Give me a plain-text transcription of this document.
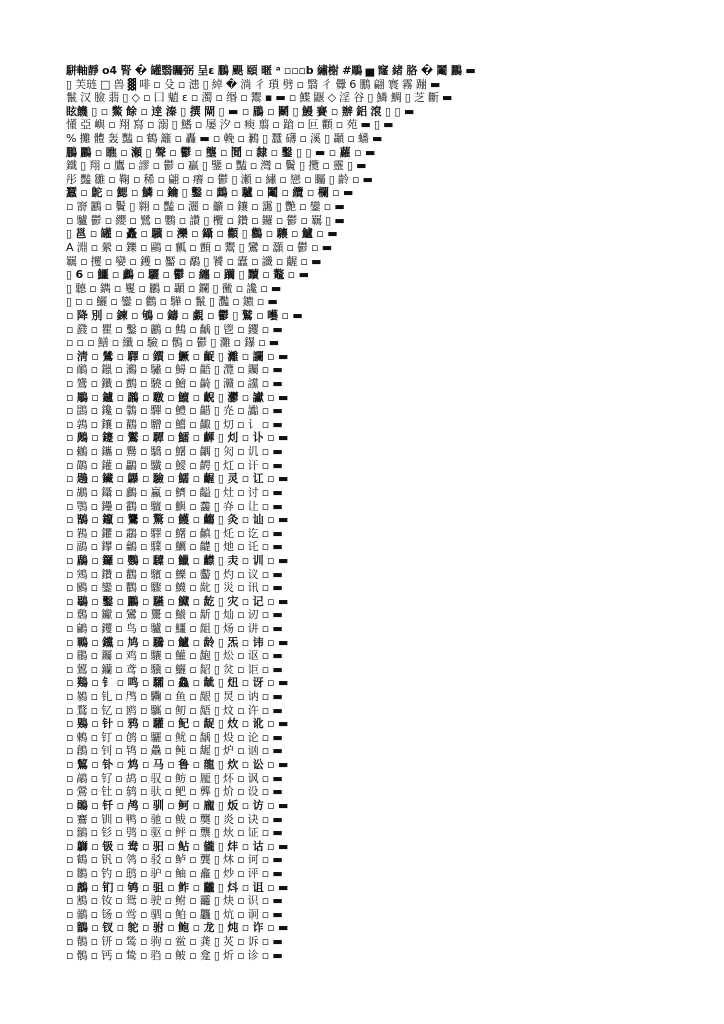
駢軸靜 o4 腎 � 罐翳矚弼 呈ɛ 鵬 颶 頤 暱 ᵃ ▫▫▫b 繡榭 #鵰 ▅ 窿 緒 胳 � 鬮 鸝 ▬
▯ 芙琏 □ 兽 ▓ 啡 ▫ 殳 ▫ 漶 ▯ 綽 � 淌 彳 瑣 劈 ▫ 翳 彳 釁 6 鵬 翩 寰 霧 蹦 ▬
鬣 汉 臉 翡 ▯ ◇ ▫ 囗 魈 ɛ ▫ 濁 ▫ 缗 ▫ 鬻 ▪ ▬ ▫ 鰈 鼴 ◇ 淫 谷 ▯ 鱗 鯛 ▯ 芝 斷 ▬
眩饑 ▯ ▫ 鱉 餘 ▫ 逹 溱 ▯ 撰 閘 ▯ ▬ ▫ 鶥 ▫ 鬭 ▯ 鰻 賽 ▫ 辦 鋁 滾 ▯ ▯ ▬
懂 亞 嶼 ▫ 翔 寫 ▫ 溺 ▯ 鰭 ▫ 屡 汐 ▫ 瘐 翦 ▫ 蹌 ▫ 叵 顴 ▫ 苑 ▬ ▯ ▬
% 攤 體 轰 豔 ▫ 鶴 籬 ▫ 轟 ▬ ▫ 輓 ▫ 鶼 ▯ 蠶 礴 ▫ 溪 ▯ 顳 ▫ 蟠 ▬
鵬 鸝 ▫ 瞧 ▫ 瀬 ▯ 聲 ▫ 鬱 ▫ 壟 ▫ 鬩 ▫ 隸 ▫ 鑿 ▯ ▯ ▬ ▫ 蘿 ▫ ▬
鐵 ▯ 翔 ▫ 鷹 ▫ 謬 ▫ 鬱 ▫ 贏 ▯ 鑒 ▫ 豔 ▫ 灣 ▫ 鬢 ▯ 攬 ▫ 靈 ▯ ▬
彤 豔 雛 ▫ 鞠 ▫ 稀 ▫ 翩 ▫ 癢 ▫ 鬱 ▯ 瀬 ▫ 繡 ▫ 戀 ▫ 矚 ▯ 齡 ▫ ▬
蠶 ▫ 鴕 ▫ 鰓 ▫ 鱗 ▫ 鑰 ▯ 鑿 ▫ 鷓 ▫ 驢 ▫ 鬮 ▫ 纜 ▫ 欄 ▫ ▬
▫ 窬 鸝 ▫ 鬢 ▯ 翱 ▫ 豔 ▫ 灑 ▫ 籲 ▫ 鑲 ▫ 靄 ▯ 艷 ▫ 鑾 ▫ ▬
▫ 驢 鬱 ▫ 纓 ▫ 鷺 ▫ 鸚 ▫ 讚 ▯ 欖 ▫ 鑽 ▫ 鑼 ▫ 鬱 ▫ 羈 ▯ ▬
▯ 邕 ▫ 罐 ▫ 矗 ▫ 驥 ▫ 灤 ▫ 鑷 ▫ 顴 ▯ 鸛 ▫ 驤 ▫ 鱸 ▫ ▬
A 淵 ▫ 縈 ▫ 鑠 ▫ 鷗 ▫ 瓤 ▫ 顫 ▫ 鬻 ▯ 鸞 ▫ 灝 ▫ 鬱 ▫ ▬
羈 ▫ 攫 ▫ 孌 ▫ 鑊 ▫ 靨 ▫ 鷸 ▯ 饕 ▫ 蠹 ▫ 讖 ▫ 齷 ▫ ▬
▯ 6 ▫ 鱷 ▫ 鸕 ▫ 驪 ▫ 鬱 ▫ 纏 ▫ 躪 ▯ 黷 ▫ 鼇 ▫ ▬
▯ 聽 ▫ 鐫 ▫ 矍 ▫ 鸝 ▫ 顳 ▫ 鑭 ▯ 黴 ▫ 讒 ▫ ▬
▯ ▫ ▫ 鱺 ▫ 鑾 ▫ 鸛 ▫ 驊 ▫ 鬣 ▯ 灩 ▫ 鑣 ▫ ▬
▫ 降 別 ▫ 鍊 ▫ 鴝 ▫ 鑄 ▫ 覷 ▫ 鬱 ▯ 鷲 ▫ 囈 ▫ ▬
▫ 鼗 ▫ 瞿 ▫ 鑿 ▫ 鸝 ▫ 鷦 ▫ 齲 ▯ 鬯 ▫ 钁 ▫ ▬
▫ ▫ ▫ 鱔 ▫ 纖 ▫ 驗 ▫ 鶻 ▫ 鬱 ▯ 灘 ▫ 鑤 ▫ ▬
▫ 淸 ▫ 鷥 ▫ 驛 ▫ 鑕 ▫ 鱖 ▫ 齪 ▯ 灕 ▫ 讕 ▫ ▬
▫ 鴯 ▫ 鑞 ▫ 鸂 ▫ 驌 ▫ 鱘 ▫ 齬 ▯ 灠 ▫ 钃 ▫ ▬
▫ 鷟 ▫ 鑯 ▫ 鸇 ▫ 驍 ▫ 鱠 ▫ 齮 ▯ 灨 ▫ 讜 ▫ ▬
▫ 鵰 ▫ 鑪 ▫ 鸊 ▫ 驐 ▫ 鱣 ▫ 齯 ▯ 灪 ▫ 讞 ▫ ▬
▫ 鵾 ▫ 鑱 ▫ 鸏 ▫ 驒 ▫ 鱧 ▫ 齰 ▯ 灮 ▫ 讟 ▫ ▬
▫ 鶉 ▫ 鑲 ▫ 鸐 ▫ 驓 ▫ 鱨 ▫ 齱 ▯ 灱 ▫ 讠 ▫ ▬
▫ 鶊 ▫ 鑳 ▫ 鸑 ▫ 驔 ▫ 鱩 ▫ 齳 ▯ 灲 ▫ 讣 ▫ ▬
▫ 鶒 ▫ 鑴 ▫ 鸒 ▫ 驕 ▫ 鱪 ▫ 齵 ▯ 灳 ▫ 讥 ▫ ▬
▫ 鶓 ▫ 鑵 ▫ 鸓 ▫ 驖 ▫ 鱫 ▫ 齶 ▯ 灴 ▫ 讦 ▫ ▬
▫ 鶗 ▫ 鑶 ▫ 鸔 ▫ 驗 ▫ 鱬 ▫ 齷 ▯ 灵 ▫ 讧 ▫ ▬
▫ 鶘 ▫ 鑷 ▫ 鸕 ▫ 驘 ▫ 鱭 ▫ 齸 ▯ 灶 ▫ 讨 ▫ ▬
▫ 鶚 ▫ 鑸 ▫ 鸖 ▫ 驙 ▫ 鱮 ▫ 齹 ▯ 灷 ▫ 让 ▫ ▬
▫ 鶛 ▫ 鑹 ▫ 鸗 ▫ 驚 ▫ 鱯 ▫ 齺 ▯ 灸 ▫ 讪 ▫ ▬
▫ 鶜 ▫ 鑺 ▫ 鸘 ▫ 驛 ▫ 鱰 ▫ 齻 ▯ 灹 ▫ 讫 ▫ ▬
▫ 鶝 ▫ 鑻 ▫ 鸙 ▫ 驜 ▫ 鱱 ▫ 齼 ▯ 灺 ▫ 讬 ▫ ▬
▫ 鶞 ▫ 鑼 ▫ 鸚 ▫ 驝 ▫ 鱲 ▫ 齽 ▯ 灻 ▫ 训 ▫ ▬
▫ 鶟 ▫ 鑽 ▫ 鸛 ▫ 驞 ▫ 鱳 ▫ 齾 ▯ 灼 ▫ 议 ▫ ▬
▫ 鶠 ▫ 鑾 ▫ 鸜 ▫ 驟 ▫ 鱴 ▫ 龀 ▯ 災 ▫ 讯 ▫ ▬
▫ 鶡 ▫ 鑿 ▫ 鸝 ▫ 驠 ▫ 鱵 ▫ 龁 ▯ 灾 ▫ 记 ▫ ▬
▫ 鶢 ▫ 钀 ▫ 鸞 ▫ 驡 ▫ 鱶 ▫ 龂 ▯ 灿 ▫ 讱 ▫ ▬
▫ 鶣 ▫ 钁 ▫ 鸟 ▫ 驢 ▫ 鱷 ▫ 龃 ▯ 炀 ▫ 讲 ▫ ▬
▫ 鶤 ▫ 钂 ▫ 鸠 ▫ 驣 ▫ 鱸 ▫ 龄 ▯ 炁 ▫ 讳 ▫ ▬
▫ 鶥 ▫ 钃 ▫ 鸡 ▫ 驤 ▫ 鱹 ▫ 龅 ▯ 炂 ▫ 讴 ▫ ▬
▫ 鶦 ▫ 钄 ▫ 鸢 ▫ 驥 ▫ 鱺 ▫ 龆 ▯ 炃 ▫ 讵 ▫ ▬
▫ 鶧 ▫ 钅 ▫ 鸣 ▫ 驦 ▫ 鱻 ▫ 龇 ▯ 炄 ▫ 讶 ▫ ▬
▫ 鶨 ▫ 钆 ▫ 鸤 ▫ 驧 ▫ 鱼 ▫ 龈 ▯ 炅 ▫ 讷 ▫ ▬
▫ 鶩 ▫ 钇 ▫ 鸥 ▫ 驨 ▫ 鱽 ▫ 龉 ▯ 炆 ▫ 许 ▫ ▬
▫ 鶪 ▫ 针 ▫ 鸦 ▫ 驩 ▫ 鱾 ▫ 龊 ▯ 炇 ▫ 讹 ▫ ▬
▫ 鶫 ▫ 钉 ▫ 鸧 ▫ 驪 ▫ 鱿 ▫ 龋 ▯ 炈 ▫ 论 ▫ ▬
▫ 鶬 ▫ 钊 ▫ 鸨 ▫ 驫 ▫ 鲀 ▫ 龌 ▯ 炉 ▫ 讻 ▫ ▬
▫ 鶭 ▫ 钋 ▫ 鸩 ▫ 马 ▫ 鲁 ▫ 龍 ▯ 炊 ▫ 讼 ▫ ▬
▫ 鶮 ▫ 钌 ▫ 鸪 ▫ 驭 ▫ 鲂 ▫ 龎 ▯ 炋 ▫ 讽 ▫ ▬
▫ 鶯 ▫ 钍 ▫ 鸫 ▫ 驮 ▫ 鲃 ▫ 龏 ▯ 炌 ▫ 设 ▫ ▬
▫ 鶰 ▫ 钎 ▫ 鸬 ▫ 驯 ▫ 鲄 ▫ 龐 ▯ 炍 ▫ 访 ▫ ▬
▫ 鶱 ▫ 钏 ▫ 鸭 ▫ 驰 ▫ 鲅 ▫ 龑 ▯ 炎 ▫ 诀 ▫ ▬
▫ 鶲 ▫ 钐 ▫ 鸮 ▫ 驱 ▫ 鲆 ▫ 龒 ▯ 炏 ▫ 证 ▫ ▬
▫ 鶳 ▫ 钑 ▫ 鸯 ▫ 驲 ▫ 鲇 ▫ 龓 ▯ 炐 ▫ 诂 ▫ ▬
▫ 鶴 ▫ 钒 ▫ 鸰 ▫ 驳 ▫ 鲈 ▫ 龔 ▯ 炑 ▫ 诃 ▫ ▬
▫ 鶵 ▫ 钓 ▫ 鸱 ▫ 驴 ▫ 鲉 ▫ 龕 ▯ 炒 ▫ 评 ▫ ▬
▫ 鶶 ▫ 钔 ▫ 鸲 ▫ 驵 ▫ 鲊 ▫ 龖 ▯ 炓 ▫ 诅 ▫ ▬
▫ 鶷 ▫ 钕 ▫ 鸳 ▫ 驶 ▫ 鲋 ▫ 龗 ▯ 炔 ▫ 识 ▫ ▬
▫ 鶸 ▫ 钖 ▫ 鸴 ▫ 驷 ▫ 鲌 ▫ 龘 ▯ 炕 ▫ 诇 ▫ ▬
▫ 鶹 ▫ 钗 ▫ 鸵 ▫ 驸 ▫ 鲍 ▫ 龙 ▯ 炖 ▫ 诈 ▫ ▬
▫ 鶺 ▫ 钘 ▫ 鸶 ▫ 驹 ▫ 鲎 ▫ 龚 ▯ 炗 ▫ 诉 ▫ ▬
▫ 鶻 ▫ 钙 ▫ 鸷 ▫ 驺 ▫ 鲏 ▫ 龛 ▯ 炘 ▫ 诊 ▫ ▬
